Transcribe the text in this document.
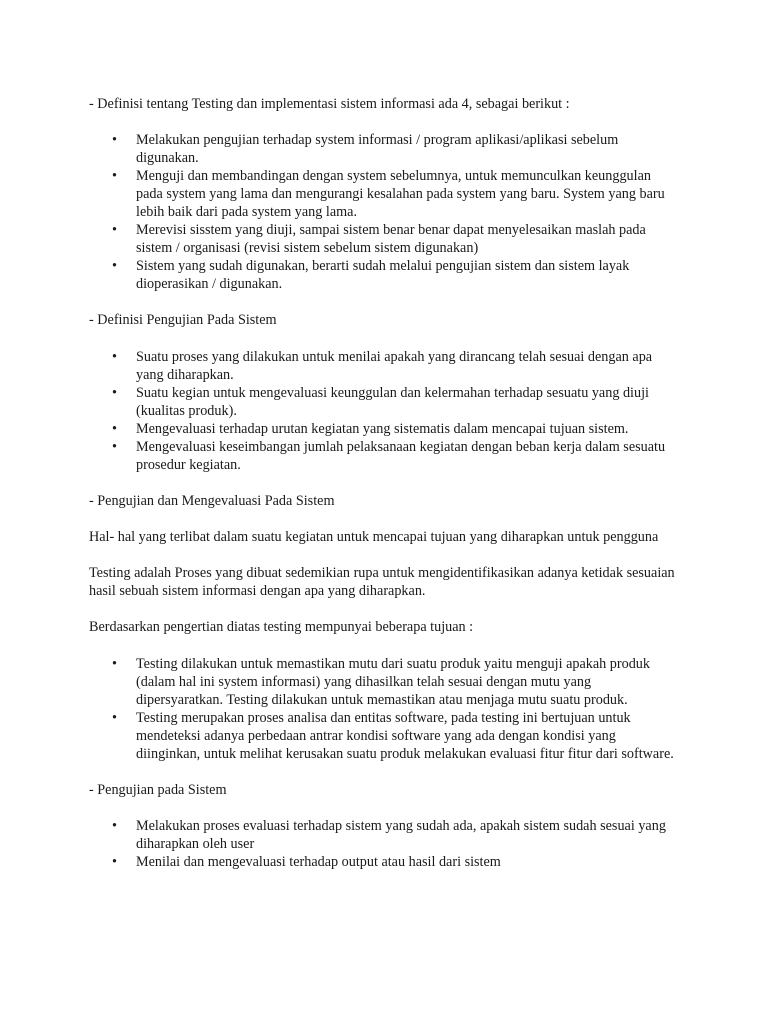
- Definisi tentang Testing dan implementasi sistem informasi ada 4, sebagai berikut :

• Melakukan pengujian terhadap system informasi / program aplikasi/aplikasi sebelum digunakan.
• Menguji dan membandingan dengan system sebelumnya, untuk memunculkan keunggulan pada system yang lama dan mengurangi kesalahan pada system yang baru. System yang baru lebih baik dari pada system yang lama.
• Merevisi sisstem yang diuji, sampai sistem benar benar dapat menyelesaikan maslah pada sistem / organisasi (revisi sistem sebelum sistem digunakan)
• Sistem yang sudah digunakan, berarti sudah melalui pengujian sistem dan sistem layak dioperasikan / digunakan.

- Definisi Pengujian Pada Sistem

• Suatu proses yang dilakukan untuk menilai apakah yang dirancang telah sesuai dengan apa yang diharapkan.
• Suatu kegian untuk mengevaluasi keunggulan dan kelermahan terhadap sesuatu yang diuji (kualitas produk).
• Mengevaluasi terhadap urutan kegiatan yang sistematis dalam mencapai tujuan sistem.
• Mengevaluasi keseimbangan jumlah pelaksanaan kegiatan dengan beban kerja dalam sesuatu prosedur kegiatan.

- Pengujian dan Mengevaluasi Pada Sistem

Hal- hal yang terlibat dalam suatu kegiatan untuk mencapai tujuan yang diharapkan untuk pengguna

Testing adalah Proses yang dibuat sedemikian rupa untuk mengidentifikasikan adanya ketidak sesuaian hasil sebuah sistem informasi dengan apa yang diharapkan.

Berdasarkan pengertian diatas testing mempunyai beberapa tujuan :

• Testing dilakukan untuk memastikan mutu dari suatu produk yaitu menguji apakah produk (dalam hal ini system informasi) yang dihasilkan telah sesuai dengan mutu yang dipersyaratkan. Testing dilakukan untuk memastikan atau menjaga mutu suatu produk.
• Testing merupakan proses analisa dan entitas software, pada testing ini bertujuan untuk mendeteksi adanya perbedaan antrar kondisi software yang ada dengan kondisi yang diinginkan, untuk melihat kerusakan suatu produk melakukan evaluasi fitur fitur dari software.

- Pengujian pada Sistem

• Melakukan proses evaluasi terhadap sistem yang sudah ada, apakah sistem sudah sesuai yang diharapkan oleh user
• Menilai dan mengevaluasi terhadap output atau hasil dari sistem
